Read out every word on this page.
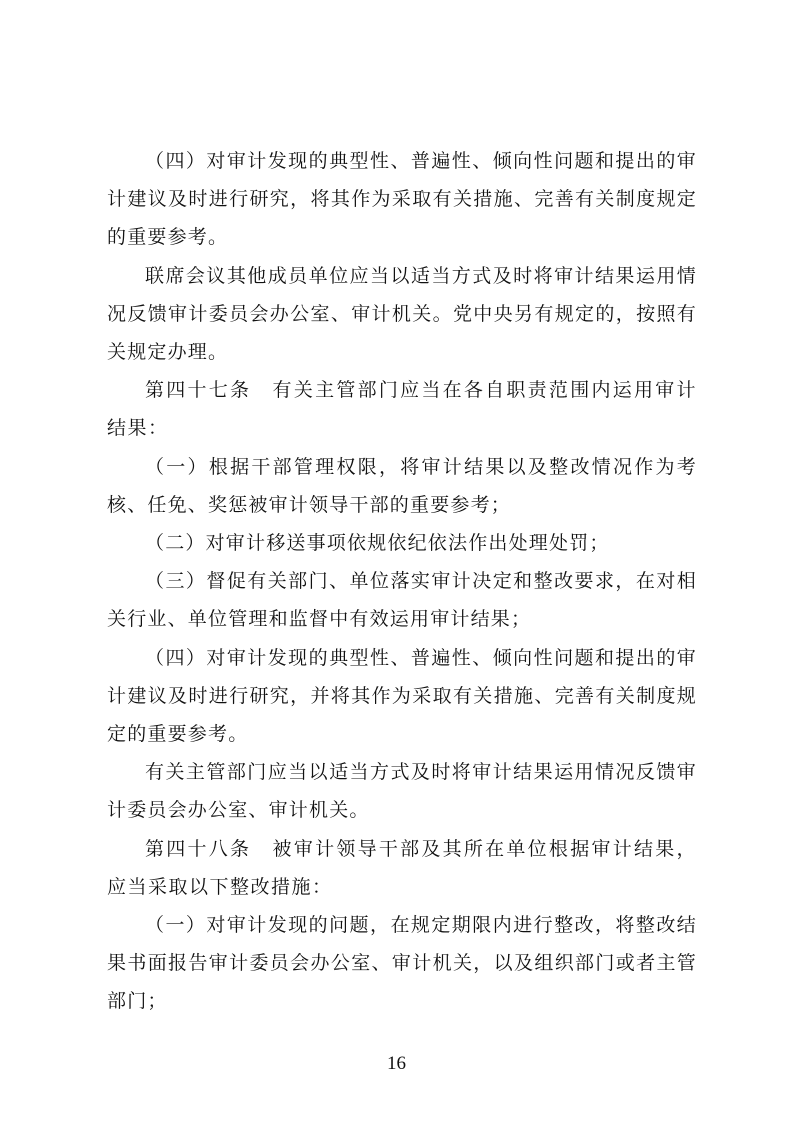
（四）对审计发现的典型性、普遍性、倾向性问题和提出的审计建议及时进行研究，将其作为采取有关措施、完善有关制度规定的重要参考。

联席会议其他成员单位应当以适当方式及时将审计结果运用情况反馈审计委员会办公室、审计机关。党中央另有规定的，按照有关规定办理。

第四十七条　有关主管部门应当在各自职责范围内运用审计结果：

（一）根据干部管理权限，将审计结果以及整改情况作为考核、任免、奖惩被审计领导干部的重要参考；

（二）对审计移送事项依规依纪依法作出处理处罚；

（三）督促有关部门、单位落实审计决定和整改要求，在对相关行业、单位管理和监督中有效运用审计结果；

（四）对审计发现的典型性、普遍性、倾向性问题和提出的审计建议及时进行研究，并将其作为采取有关措施、完善有关制度规定的重要参考。

有关主管部门应当以适当方式及时将审计结果运用情况反馈审计委员会办公室、审计机关。

第四十八条　被审计领导干部及其所在单位根据审计结果，应当采取以下整改措施：

（一）对审计发现的问题，在规定期限内进行整改，将整改结果书面报告审计委员会办公室、审计机关，以及组织部门或者主管部门；

16
